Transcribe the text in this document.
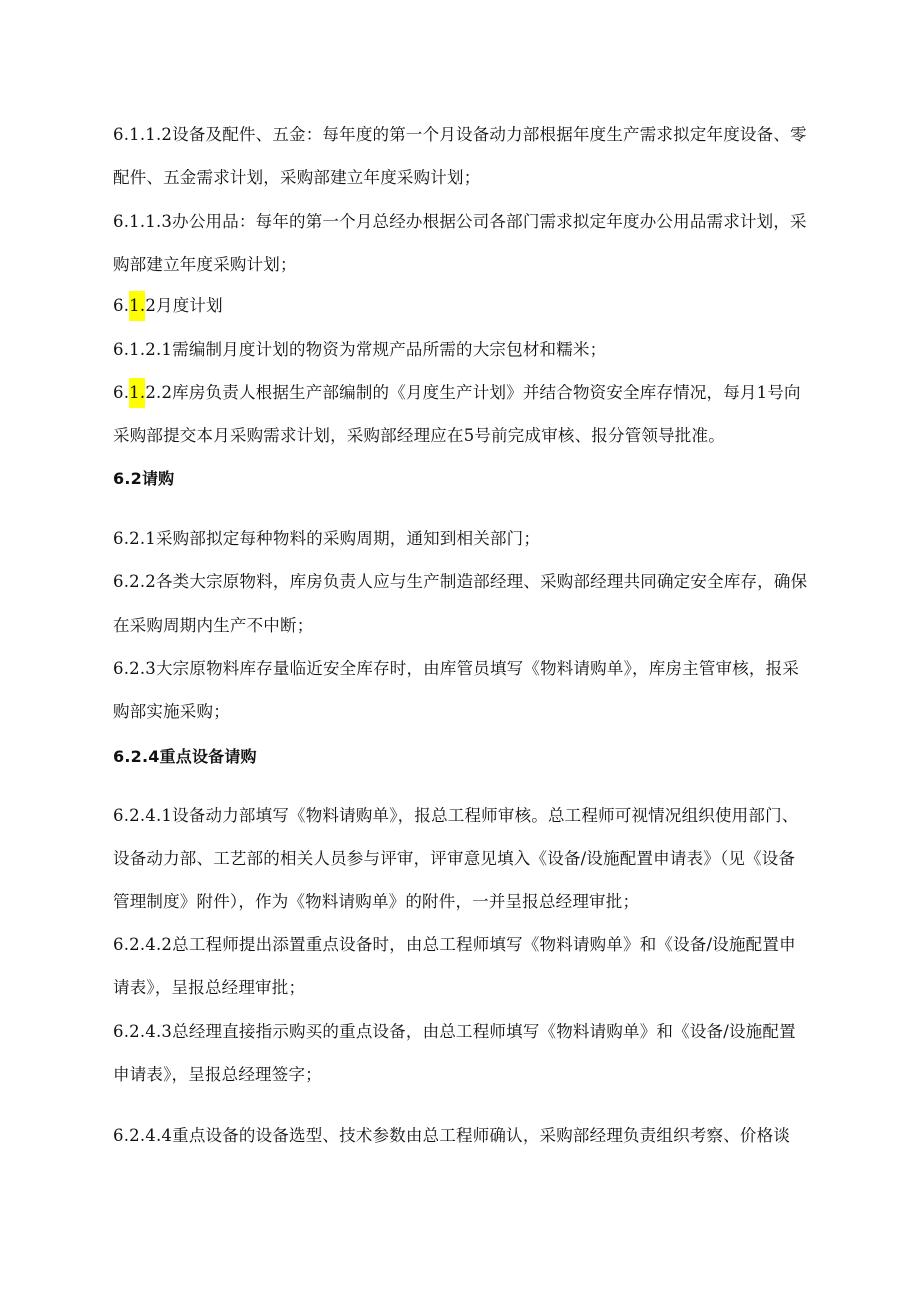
6.1.1.2设备及配件、五金：每年度的第一个月设备动力部根据年度生产需求拟定年度设备、零
配件、五金需求计划，采购部建立年度采购计划；
6.1.1.3办公用品：每年的第一个月总经办根据公司各部门需求拟定年度办公用品需求计划，采
购部建立年度采购计划；
6.1.2月度计划
6.1.2.1需编制月度计划的物资为常规产品所需的大宗包材和糯米；
6.1.2.2库房负责人根据生产部编制的《月度生产计划》并结合物资安全库存情况，每月1号向
采购部提交本月采购需求计划，采购部经理应在5号前完成审核、报分管领导批准。
6.2请购
6.2.1采购部拟定每种物料的采购周期，通知到相关部门；
6.2.2各类大宗原物料，库房负责人应与生产制造部经理、采购部经理共同确定安全库存，确保
在采购周期内生产不中断；
6.2.3大宗原物料库存量临近安全库存时，由库管员填写《物料请购单》，库房主管审核，报采
购部实施采购；
6.2.4重点设备请购
6.2.4.1设备动力部填写《物料请购单》，报总工程师审核。总工程师可视情况组织使用部门、
设备动力部、工艺部的相关人员参与评审，评审意见填入《设备/设施配置申请表》（见《设备
管理制度》附件），作为《物料请购单》的附件，一并呈报总经理审批；
6.2.4.2总工程师提出添置重点设备时，由总工程师填写《物料请购单》和《设备/设施配置申
请表》，呈报总经理审批；
6.2.4.3总经理直接指示购买的重点设备，由总工程师填写《物料请购单》和《设备/设施配置
申请表》，呈报总经理签字；
6.2.4.4重点设备的设备选型、技术参数由总工程师确认，采购部经理负责组织考察、价格谈
